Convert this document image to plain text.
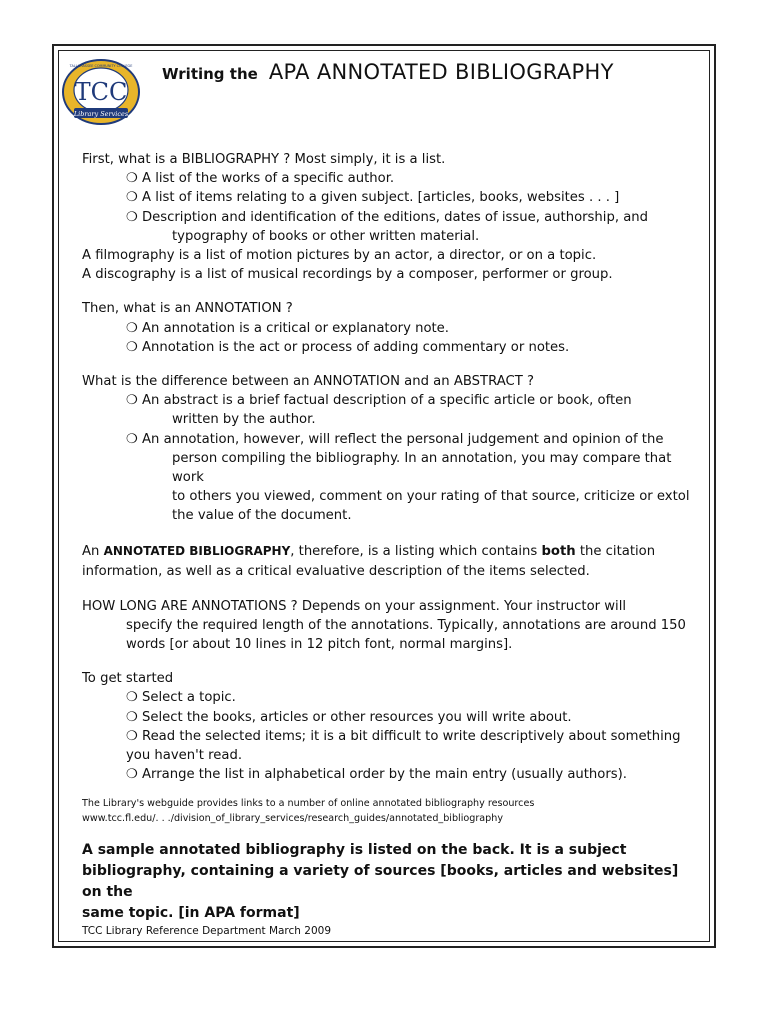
TCC
Library Services
TALLAHASSEE COMMUNITY COLLEGE Writing the APA ANNOTATED BIBLIOGRAPHY

First, what is a BIBLIOGRAPHY ? Most simply, it is a list.

❍ A list of the works of a specific author.

❍ A list of items relating to a given subject. [articles, books, websites . . . ]

❍ Description and identification of the editions, dates of issue, authorship, and

typography of books or other written material.

A filmography is a list of motion pictures by an actor, a director, or on a topic.

A discography is a list of musical recordings by a composer, performer or group.

Then, what is an ANNOTATION ?

❍ An annotation is a critical or explanatory note.

❍ Annotation is the act or process of adding commentary or notes.

What is the difference between an ANNOTATION and an ABSTRACT ?

❍ An abstract is a brief factual description of a specific article or book, often

written by the author.

❍ An annotation, however, will reflect the personal judgement and opinion of the

person compiling the bibliography. In an annotation, you may compare that work

to others you viewed, comment on your rating of that source, criticize or extol

the value of the document.

An ANNOTATED BIBLIOGRAPHY, therefore, is a listing which contains both the citation

information, as well as a critical evaluative description of the items selected.

HOW LONG ARE ANNOTATIONS ? Depends on your assignment. Your instructor will

specify the required length of the annotations. Typically, annotations are around 150

words [or about 10 lines in 12 pitch font, normal margins].

To get started

❍ Select a topic.

❍ Select the books, articles or other resources you will write about.

❍ Read the selected items; it is a bit difficult to write descriptively about something

you haven't read.

❍ Arrange the list in alphabetical order by the main entry (usually authors).

The Library's webguide provides links to a number of online annotated bibliography resources

www.tcc.fl.edu/. . ./division_of_library_services/research_guides/annotated_bibliography

A sample annotated bibliography is listed on the back. It is a subject

bibliography, containing a variety of sources [books, articles and websites] on the

same topic. [in APA format]

TCC Library Reference Department March 2009
